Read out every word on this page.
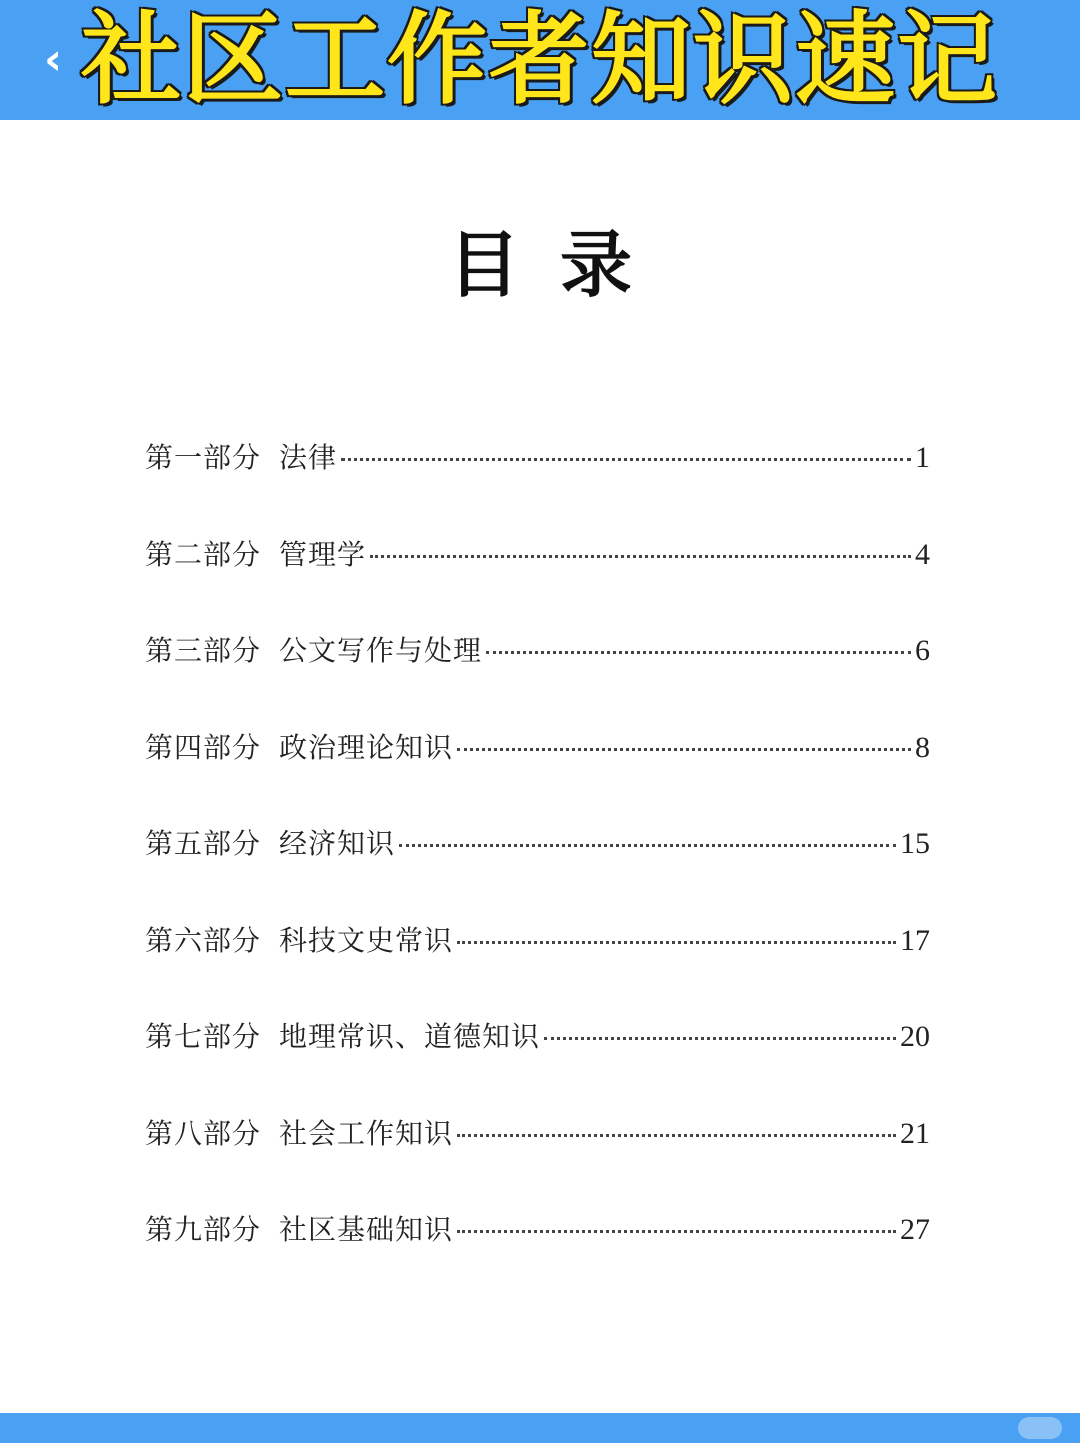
‹ 社区工作者知识速记
目录
第一部分 法律	1
第二部分 管理学	4
第三部分 公文写作与处理	6
第四部分 政治理论知识	8
第五部分 经济知识	15
第六部分 科技文史常识	17
第七部分 地理常识、道德知识	20
第八部分 社会工作知识	21
第九部分 社区基础知识	27
